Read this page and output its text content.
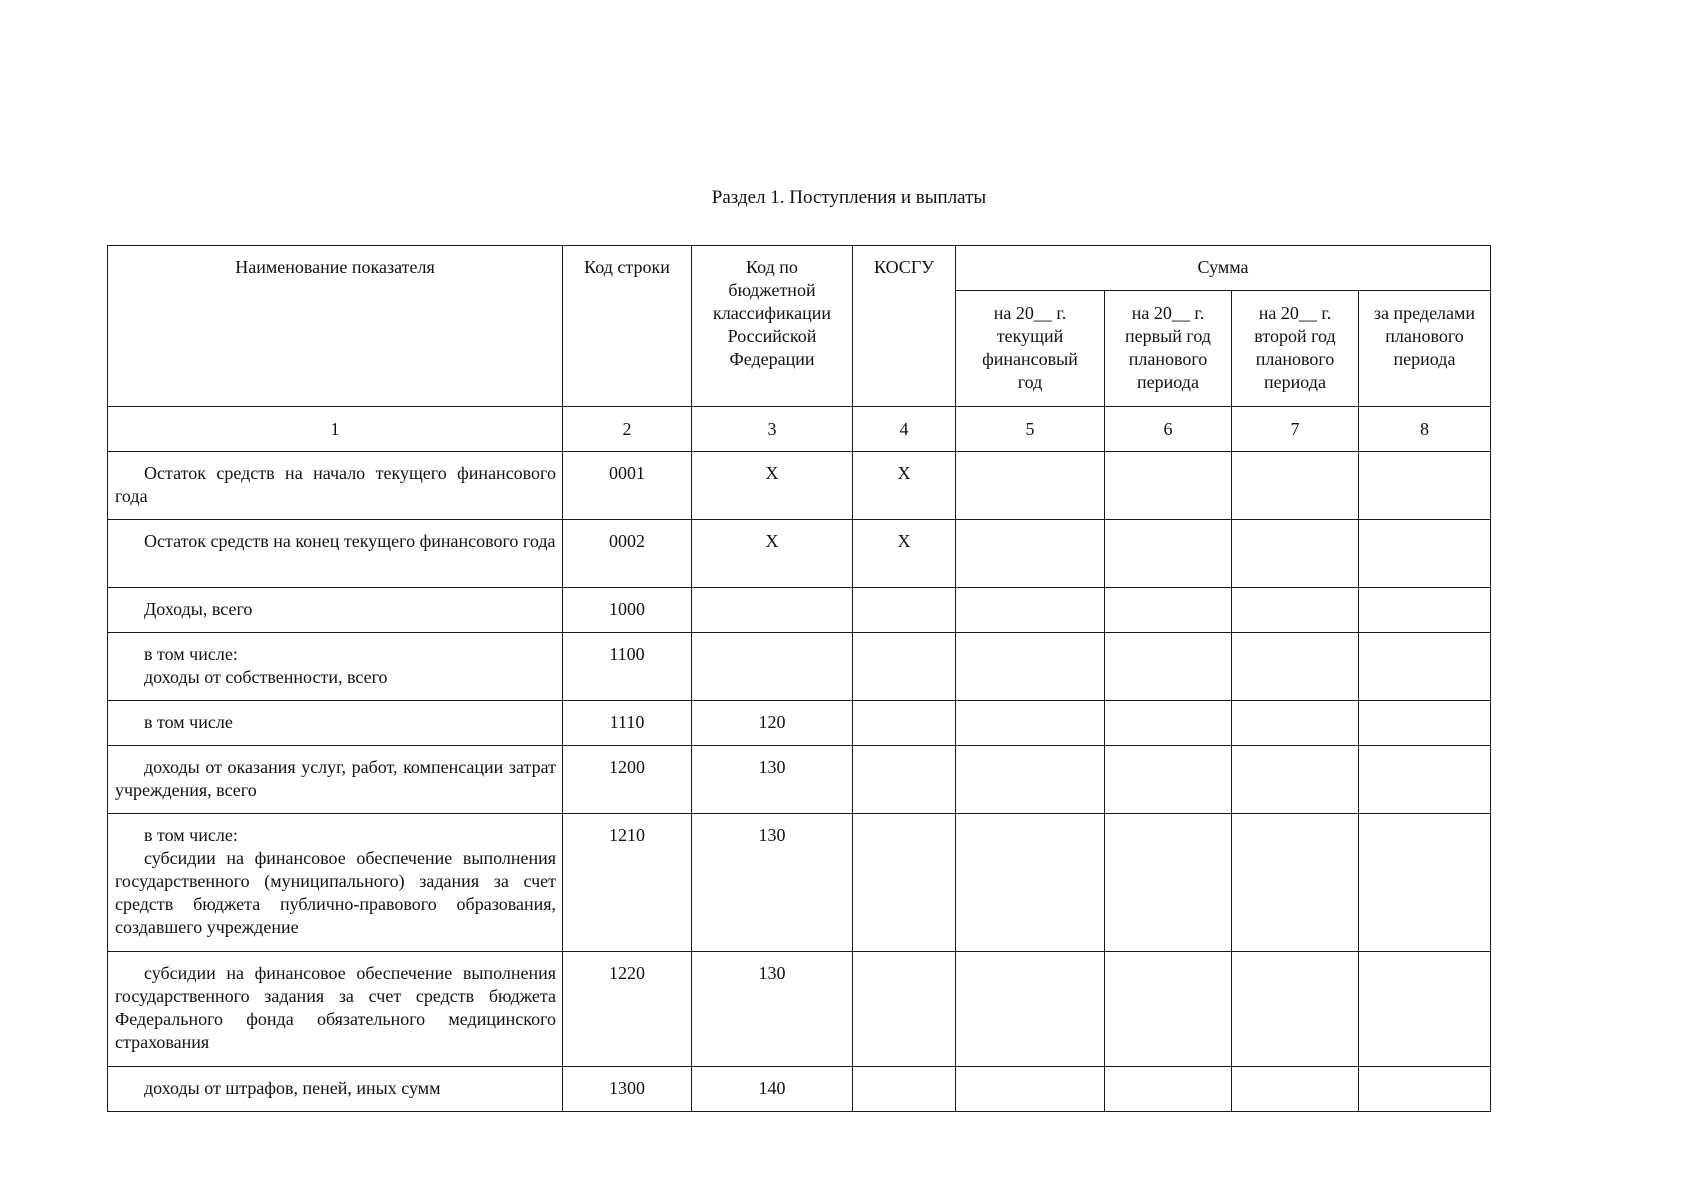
Раздел 1. Поступления и выплаты
Наименование показателя	Код строки	Код по
бюджетной
классификации
Российской
Федерации	КОСГУ	Сумма			

				на 20__ г.
текущий
финансовый
год	на 20__ г.
первый год
планового
периода	на 20__ г.
второй год
планового
периода	за пределами
планового
периода

1	2	3	4	5	6	7	8
Остаток средств на начало текущего финансового года	0001	Х	Х				
Остаток средств на конец текущего финансового года	0002	Х	Х				
Доходы, всего	1000						

в том числе:
доходы от собственности, всего	1100						
в том числе	1110	120					
доходы от оказания услуг, работ, компенсации затрат учреждения, всего	1200	130					

в том числе:
субсидии на финансовое обеспечение выполнения государственного (муниципального) задания за счет средств бюджета публично-правового образования, создавшего учреждение	1210	130					
субсидии на финансовое обеспечение выполнения государственного задания за счет средств бюджета Федерального фонда обязательного медицинского страхования	1220	130					
доходы от штрафов, пеней, иных сумм	1300	140					
